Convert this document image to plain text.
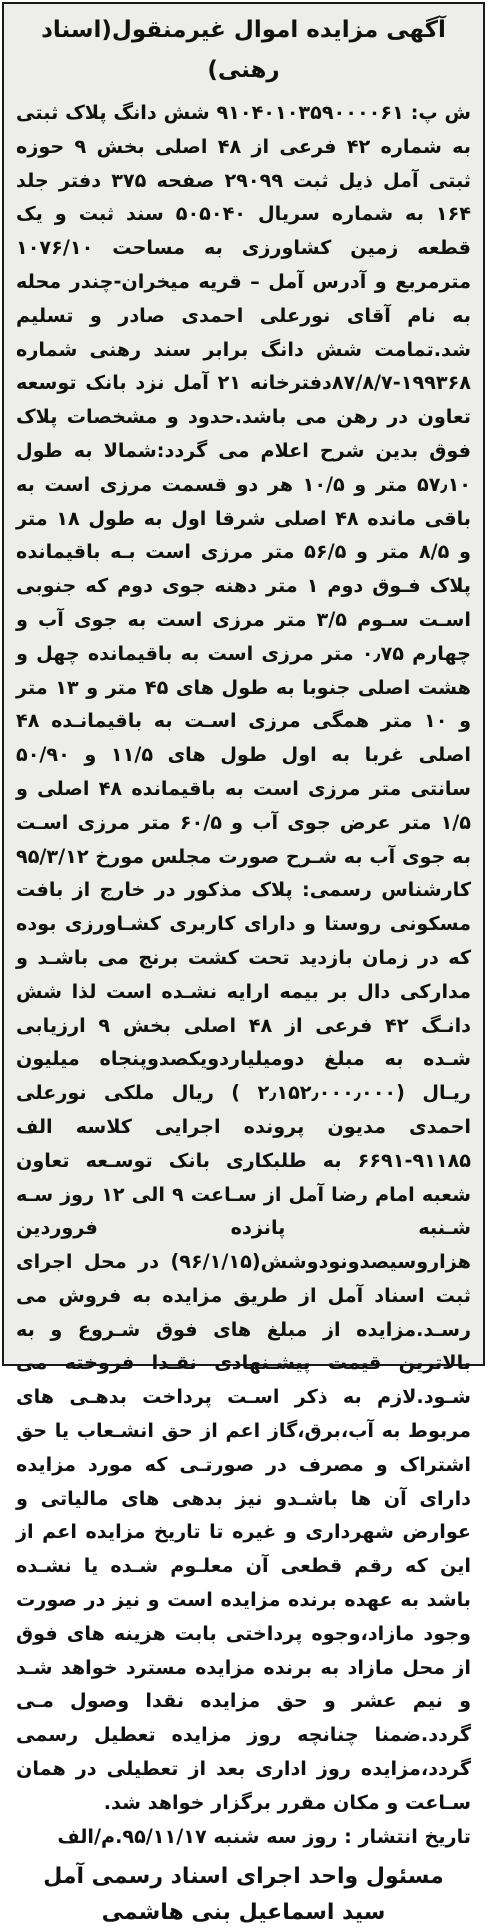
آگهی مزایده اموال غیرمنقول(اسناد رهنی)

ش پ: ۹۱۰۴۰۱۰۳۵۹۰۰۰۰۶۱ شش دانگ پلاک ثبتی به شماره ۴۲ فرعی از ۴۸ اصلی بخش ۹ حوزه ثبتی آمل ذیل ثبت ۲۹۰۹۹ صفحه ۳۷۵ دفتر جلد ۱۶۴ به شماره سریال ۵۰۵۰۴۰ سند ثبت و یک قطعه زمین کشاورزی به مساحت ۱۰۷۶/۱۰ مترمربع و آدرس آمل – قریه میخران-چندر محله به نام آقای نورعلی احمدی صادر و تسلیم شد.تمامت شش دانگ برابر سند رهنی شماره ۱۹۹۳۶۸-۸۷/۸/۷دفترخانه ۲۱ آمل نزد بانک توسعه تعاون در رهن می باشد.حدود و مشخصات پلاک فوق بدین شرح اعلام می گردد:شمالا به طول ۵۷٫۱۰ متر و ۱۰/۵ هر دو قسمت مرزی است به باقی مانده ۴۸ اصلی شرقا اول به طول ۱۸ متر و ۸/۵ متر و ۵۶/۵ متر مرزی است بـه باقیمانده پلاک فـوق دوم ۱ متر دهنه جوی دوم که جنوبی اسـت سـوم ۳/۵ متر مرزی است به جوی آب و چهارم ۰٫۷۵ متر مرزی است به باقیمانده چهل و هشت اصلی جنوبا به طول های ۴۵ متر و ۱۳ متر و ۱۰ متر همگی مرزی اسـت به باقیمانـده ۴۸ اصلی غربا به اول طول های ۱۱/۵ و ۵۰/۹۰ سانتی متر مرزی است به باقیمانده ۴۸ اصلی و ۱/۵ متر عرض جوی آب و ۶۰/۵ متر مرزی اسـت به جوی آب به شـرح صورت مجلس مورخ ۹۵/۳/۱۲ کارشناس رسمی: پلاک مذکور در خارج از بافت مسکونی روستا و دارای کاربری کشـاورزی بوده که در زمان بازدید تحت کشت برنج می باشـد و مدارکی دال بر بیمه ارایه نشـده است لذا شش دانـگ ۴۲ فرعی از ۴۸ اصلی بخش ۹ ارزیابی شـده به مبلغ دومیلیاردویکصدوپنجاه میلیون ریـال (۲٫۱۵۲٫۰۰۰٫۰۰۰ ) ریال ملکی نورعلی احمدی مدیون پرونده اجرایی کلاسه الف ۹۱۱۸۵-۶۶۹۱ به طلبکاری بانک توسـعه تعاون شعبه امام رضا آمل از سـاعت ۹ الی ۱۲ روز سـه شـنبه پانزده فروردین هزاروسیصدونودوشش(۹۶/۱/۱۵) در محل اجرای ثبت اسناد آمل از طریق مزایده به فروش می رسـد.مزایده از مبلغ های فوق شـروع و به بالاترین قیمت پیشـنهادی نقـدا فروخته می شـود.لازم به ذکر اسـت پرداخت بدهـی های مربوط به آب،برق،گاز اعم از حق انشـعاب یا حق اشتراک و مصرف در صورتـی که مورد مزایده دارای آن ها باشـدو نیز بدهی های مالیاتی و عوارض شهرداری و غیره تا تاریخ مزایده اعم از این که رقم قطعی آن معلـوم شـده یا نشـده باشد به عهده برنده مزایده است و نیز در صورت وجود مازاد،وجوه پرداختی بابت هزینه های فوق از محل مازاد به برنده مزایده مسترد خواهد شـد و نیم عشر و حق مزایده نقدا وصول مـی گردد.ضمنا چنانچه روز مزایده تعطیل رسمی گردد،مزایده روز اداری بعد از تعطیلی در همان سـاعت و مکان مقرر برگزار خواهد شد.

تاریخ انتشار : روز سه شنبه ۹۵/۱۱/۱۷.م/الف
مسئول واحد اجرای اسناد رسمی آمل
سید اسماعیل بنی هاشمی
